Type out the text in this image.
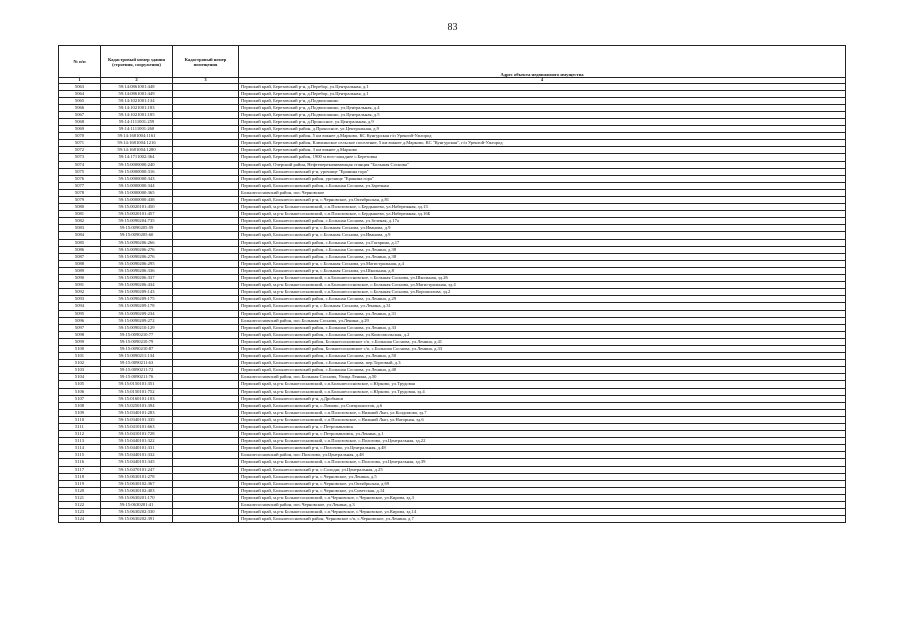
83
№ п/п	Кадастровый номер здания (строения, сооружения)	Кадастровый номер помещения	
			Адрес объекта недвижимого имущества
1	2	3	4
5063	59:14:0861001:448		Пермский край, Березовский р-н, д.Перебор, ул.Центральная, д.1
5064	59:14:0861001:449		Пермский край, Березовский р-н, д.Перебор, ул.Центральная, д.1
5065	59:14:1021001:134		Пермский край, Березовский р-н, д.Подволошино
5066	59:14:1021001:183		Пермский край, Березовский р-н, д.Подволошино, ул.Центральная, д.4
5067	59:14:1021001:185		Пермский край, Березовский р-н, д.Подволошино, ул.Центральная, д.5
5068	59:14:1111001:259		Пермский край, Березовский р-н, д.Проносное, ул.Центральная, д.9
5069	59:14:1111001:260		Пермский край, Березовский район, д.Проносное, ул.Центральная, д.9
5070	59:14:1681004:1161		Пермский край, Березовский район, 5 км южнее д.Марково, КС Кунгурская г/п Уренгой-Ужгород
5071	59:14:1681004:1216		Пермский край, Березовский район, Клюкинское сельское поселение, 5 км южнее д.Марково, КС "Кунгурская", г/п Уренгой-Ужгород
5072	59:14:1681004:1280		Пермский край, Березовский район, 3 км южнее д.Марково
5073	59:14:1711002:364		Пермский край, Березовский район, 1900 м юго-западнее с.Березовка
5074	59:15:0000000:240		Пермский край, Очерский район, Нефтеперекачивающая станция "Большая Соснова"
5075	59:15:0000000:316		Пермский край, Большесосновский р-н, урочище "Еранина гора"
5076	59:15:0000000:343		Пермский край, Большесосновский район, урочище "Еранина гора"
5077	59:15:0000000:344		Пермский край, Большесосновский район, с.Большая Соснова, ул.Заречная
5078	59:15:0000000:365		Большесосновский район, пос.Черновское
5079	59:15:0000000:438		Пермский край, Большесосновский р-н, с.Черновское, ул.Октябрьская, д.81
5080	59:15:0020101:450		Пермский край, м.р-н Большесосновский, с.п.Полозовское, с.Бердышево, ул.Набережная, зд.13
5081	59:15:0020101:457		Пермский край, м.р-н Большесосновский, с.п.Полозовское, с.Бердышево, ул.Набережная, зд.16Б
5082	59:15:0090204:735		Пермский край, Большесосновский район, с.Большая Соснова, ул.Зеленая, д.17а
5083	59:15:0090205:59		Пермский край, Большесосновский р-н, с.Большая Соснова, ул.Иванова, д.9
5084	59:15:0090205:60		Пермский край, Большесосновский р-н, с.Большая Соснова, ул.Иванова, д.9
5085	59:15:0090206:266		Пермский край, Большесосновский район, с.Большая Соснова, ул.Гагарина, д.17
5086	59:15:0090206:276		Пермский край, Большесосновский район, с.Большая Соснова, ул.Ленина, д.38
5087	59:15:0090206:276		Пермский край, Большесосновский район, с.Большая Соснова, ул.Ленина, д.38
5088	59:15:0090206:295		Пермский край, Большесосновский р-н, с.Большая Соснова, ул.Магистральная, д.4
5089	59:15:0090206:336		Пермский край, Большесосновский р-н, с.Большая Соснова, ул.Школьная, д.8
5090	59:15:0090206:337		Пермский край, м.р-н Большесосновский, с.п.Большесосновское, с.Большая Соснова, ул.Школьная, зд.26
5091	59:15:0090206:434		Пермский край, м.р-н Большесосновский, с.п.Большесосновское, с.Большая Соснова, ул.Магистральная, зд.4
5092	59:15:0090209:143		Пермский край, м.р-н Большесосновский, с.п.Большесосновское, с.Большая Соснова, ул.Ворошилова, зд.2
5093	59:15:0090209:175		Пермский край, Большесосновский район, с.Большая Соснова, ул.Ленина, д.29
5094	59:15:0090209:178		Пермский край, Большесосновский р-н, с.Большая Соснова, ул.Ленина, д.31
5095	59:15:0090209:234		Пермский край, Большесосновский район, с.Большая Соснова, ул.Ленина, д.31
5096	59:15:0090209:272		Большесосновский район, пос.Большая Соснова, ул.Ленина, д.29
5097	59:15:0090210:129		Пермский край, Большесосновский район, с.Большая Соснова, ул.Ленина, д.33
5098	59:15:0090210:77		Пермский край, Большесосновский район, с.Большая Соснова, ул.Комсомольская, д.2
5099	59:15:0090210:79		Пермский край, Большесосновский район, Большесосновское с/п, с.Большая Соснова, ул.Ленина, д.41
5100	59:15:0090210:87		Пермский край, Большесосновский район, Большесосновское с/п, с.Большая Соснова, ул.Ленина, д.33
5101	59:15:0090211:134		Пермский край, Большесосновский район, с.Большая Соснова, ул.Ленина, д.50
5102	59:15:0090211:63		Пермский край, Большесосновский район, с.Большая Соснова, пер.Торговый, д.3
5103	59:15:0090211:72		Пермский край, Большесосновский район, с.Большая Соснова, ул.Ленина, д.40
5104	59:15:0090211:76		Большесосновский район, пос.Большая Соснова, Улица Ленина, д.50
5105	59:15:0150101:351		Пермский край, м.р-н Большесосновский, с.п.Большесосновское, с.Юрково, ул.Трудовая
5106	59:15:0150101:752		Пермский край, м.р-н Большесосновский, с.п.Большесосновское, с.Юрково, ул.Трудовая, зд.4
5107	59:15:0160101:103		Пермский край, Большесосновский р-н, д.Дробыши
5108	59:15:0250101:394		Пермский край, Большесосновский р-н, с.Ломово, ул.Специалистов, д.6
5109	59:15:0340101:283		Пермский край, м.р-н Большесосновский, с.п.Полозовское, с.Нижний Лып, ул.Колдомова, зд.7
5110	59:15:0340101:335		Пермский край, м.р-н Большесосновский, с.п.Полозовское, с.Нижний Лып, ул.Нагорная, зд.6
5111	59:15:0410101:663		Пермский край, Большесосновский р-н, с.Петропавловск
5112	59:15:0410101:728		Пермский край, Большесосновский р-н, с.Петропавловск, ул.Ленина, д.1
5113	59:15:0440101:322		Пермский край, м.р-н Большесосновский, с.п.Полозовское, с.Полозово, ул.Центральная, зд.22
5114	59:15:0440101:331		Пермский край, Большесосновский р-н, с.Полозово, ул.Центральная, д.48
5115	59:15:0440101:332		Большесосновский район, пос.Полозово, ул.Центральная, д.48
5116	59:15:0440101:345		Пермский край, м.р-н Большесосновский, с.п.Полозовское, с.Полозово, ул.Центральная, зд.39
5117	59:15:0470101:247		Пермский край, Большесосновский р-н, с.Солодяг, ул.Центральная, д.25
5118	59:15:0630101:278		Пермский край, Большесосновский р-н, с.Черновское, ул.Ленина, д.5
5119	59:15:0630102:367		Пермский край, Большесосновский р-н, с.Черновское, ул.Октябрьская, д.69
5120	59:15:0630102:403		Пермский край, Большесосновский р-н, с.Черновское, ул.Советская, д.14
5121	59:15:0630201:170		Пермский край, м.р-н Большесосновский, с.п.Черновское, с.Черновское, ул.Кирова, зд.3
5122	59:15:0630201:41		Большесосновский район, пос.Черновское, ул.Ленина, д.3
5123	59:15:0630202:330		Пермский край, м.р-н Большесосновский, с.п.Черновское, с.Черновское, ул.Кирова, зд.14
5124	59:15:0630202:391		Пермский край, Большесосновский район, Черновское с/п, с.Черновское, ул.Ленина, д.7
